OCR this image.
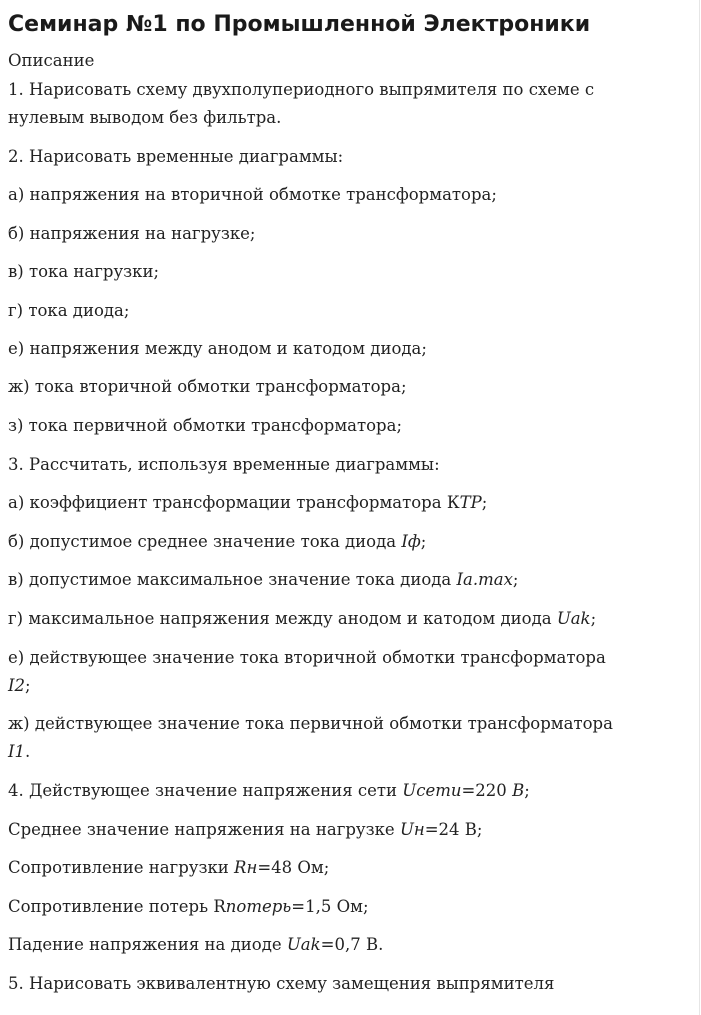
Семинар №1 по Промышленной Электроники

Описание

1. Нарисовать схему двухполупериодного выпрямителя по схеме с

нулевым выводом без фильтра.

2. Нарисовать временные диаграммы:

а) напряжения на вторичной обмотке трансформатора;

б) напряжения на нагрузке;

в) тока нагрузки;

г) тока диода;

е) напряжения между анодом и катодом диода;

ж) тока вторичной обмотки трансформатора;

з) тока первичной обмотки трансформатора;

3. Рассчитать, используя временные диаграммы:

а) коэффициент трансформации трансформатора КТР;

б) допустимое среднее значение тока диода Iф;

в) допустимое максимальное значение тока диода Ia.max;

г) максимальное напряжения между анодом и катодом диода Uak;

е) действующее значение тока вторичной обмотки трансформатора

I2;

ж) действующее значение тока первичной обмотки трансформатора

I1.

4. Действующее значение напряжения сети Uсети=220 В;

Среднее значение напряжения на нагрузке Uн=24 В;

Сопротивление нагрузки Rн=48 Ом;

Сопротивление потерь Rпотерь=1,5 Ом;

Падение напряжения на диоде Uak=0,7 В.

5. Нарисовать эквивалентную схему замещения выпрямителя
